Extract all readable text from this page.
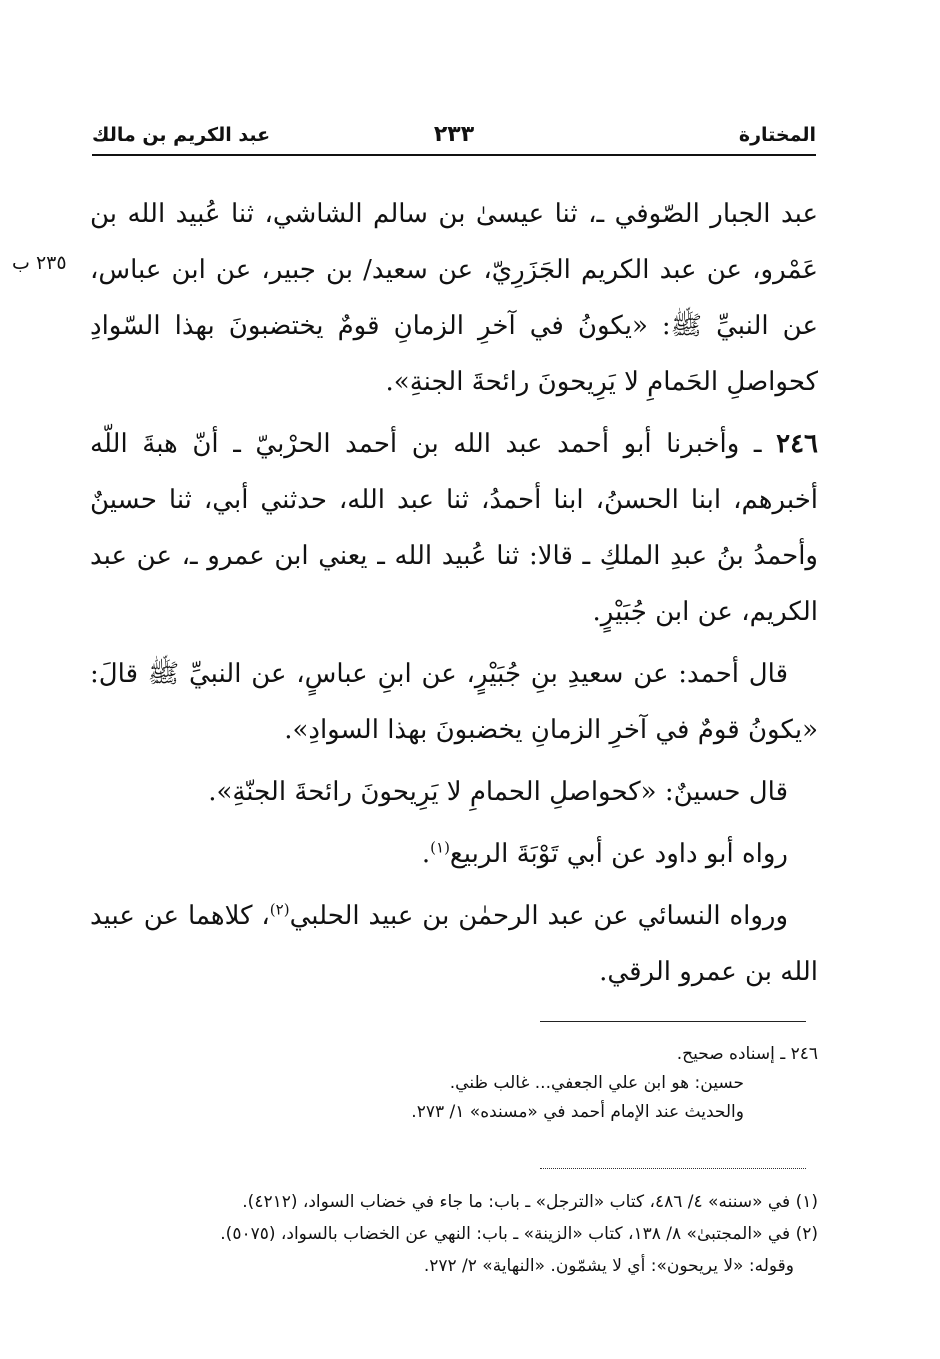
المختارة
٢٣٣
عبد الكريم بن مالك
٢٣٥ ب

عبد الجبار الصّوفي ـ، ثنا عيسىٰ بن سالم الشاشي، ثنا عُبيد الله بن عَمْرو، عن عبد الكريم الجَزَرِيّ، عن سعيد/ بن جبير، عن ابن عباس، عن النبيِّ ﷺ: «يكونُ في آخرِ الزمانِ قومٌ يختضبونَ بهذا السّوادِ كحواصلِ الحَمامِ لا يَرِيحونَ رائحةَ الجنةِ».

٢٤٦ ـ وأخبرنا أبو أحمد عبد الله بن أحمد الحرْبيّ ـ أنّ هبةَ اللّه أخبرهم، ابنا الحسنُ، ابنا أحمدُ، ثنا عبد الله، حدثني أبي، ثنا حسينٌ وأحمدُ بنُ عبدِ الملكِ ـ قالا: ثنا عُبيد الله ـ يعني ابن عمرو ـ، عن عبد الكريم، عن ابن جُبَيْرٍ.

قال أحمد: عن سعيدِ بنِ جُبَيْرٍ، عن ابنِ عباسٍ، عن النبيِّ ﷺ قالَ: «يكونُ قومٌ في آخرِ الزمانِ يخضبونَ بهذا السوادِ».

قال حسينٌ: «كحواصلِ الحمامِ لا يَرِيحونَ رائحةَ الجنّةِ».

رواه أبو داود عن أبي تَوْبَةَ الربيع$^{(١)}$.

ورواه النسائي عن عبد الرحمٰن بن عبيد الحلبي$^{(٢)}$، كلاهما عن عبيد الله بن عمرو الرقي.

٢٤٦ ـ إسناده صحيح.

حسين: هو ابن علي الجعفي... غالب ظني.

والحديث عند الإمام أحمد في «مسنده» ١/ ٢٧٣.

(١) في «سننه» ٤/ ٤٨٦، كتاب «الترجل» ـ باب: ما جاء في خضاب السواد، (٤٢١٢).

(٢) في «المجتبىٰ» ٨/ ١٣٨، كتاب «الزينة» ـ باب: النهي عن الخضاب بالسواد، (٥٠٧٥).

وقوله: «لا يريحون»: أي لا يشمّون. «النهاية» ٢/ ٢٧٢.
